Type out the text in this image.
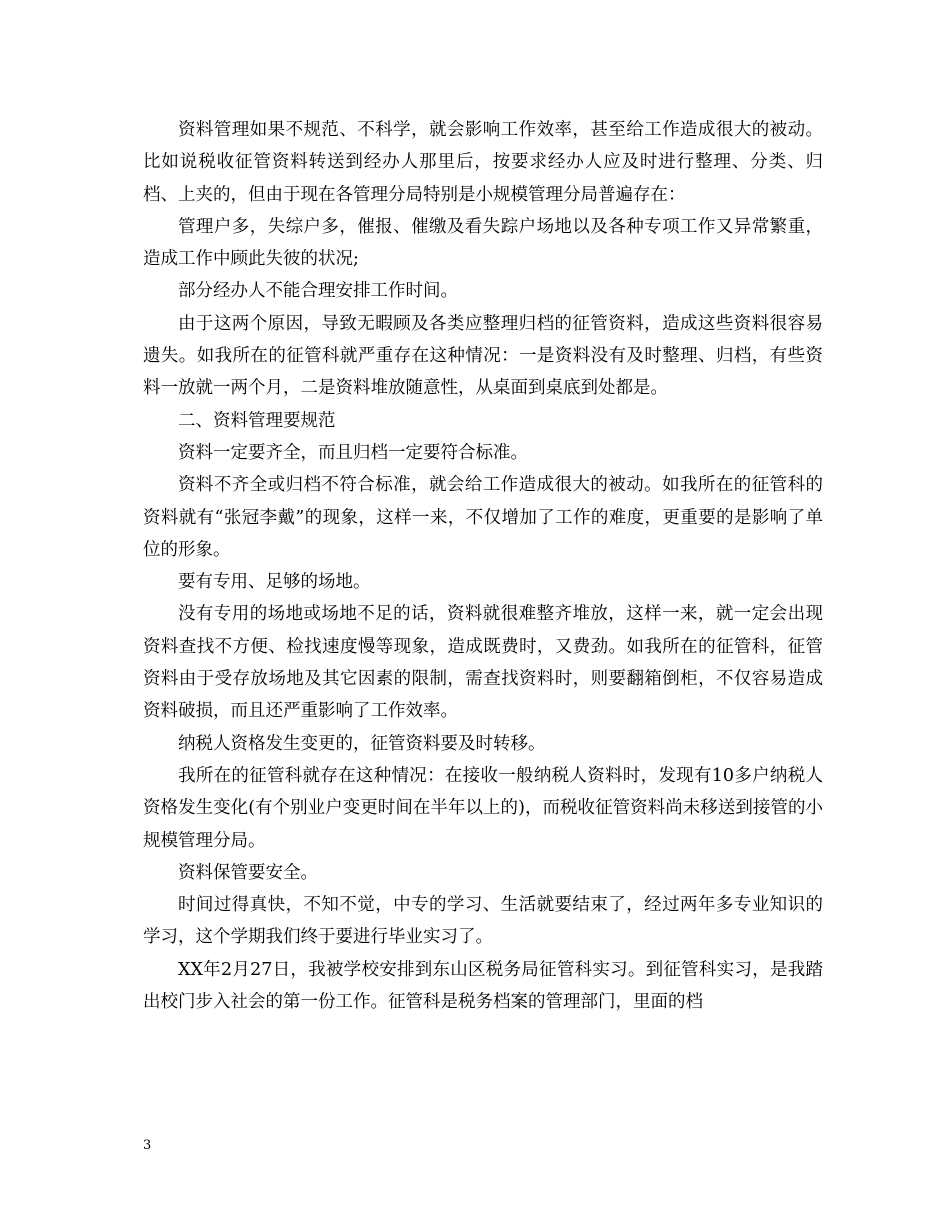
资料管理如果不规范、不科学，就会影响工作效率，甚至给工作造成很大的被动。比如说税收征管资料转送到经办人那里后，按要求经办人应及时进行整理、分类、归档、上夹的，但由于现在各管理分局特别是小规模管理分局普遍存在：

管理户多，失综户多，催报、催缴及看失踪户场地以及各种专项工作又异常繁重，造成工作中顾此失彼的状况;

部分经办人不能合理安排工作时间。

由于这两个原因，导致无暇顾及各类应整理归档的征管资料，造成这些资料很容易遗失。如我所在的征管科就严重存在这种情况：一是资料没有及时整理、归档，有些资料一放就一两个月，二是资料堆放随意性，从桌面到桌底到处都是。

二、资料管理要规范

资料一定要齐全，而且归档一定要符合标准。

资料不齐全或归档不符合标准，就会给工作造成很大的被动。如我所在的征管科的资料就有“张冠李戴”的现象，这样一来，不仅增加了工作的难度，更重要的是影响了单位的形象。

要有专用、足够的场地。

没有专用的场地或场地不足的话，资料就很难整齐堆放，这样一来，就一定会出现资料查找不方便、检找速度慢等现象，造成既费时，又费劲。如我所在的征管科，征管资料由于受存放场地及其它因素的限制，需查找资料时，则要翻箱倒柜，不仅容易造成资料破损，而且还严重影响了工作效率。

纳税人资格发生变更的，征管资料要及时转移。

我所在的征管科就存在这种情况：在接收一般纳税人资料时，发现有10多户纳税人资格发生变化(有个别业户变更时间在半年以上的)，而税收征管资料尚未移送到接管的小规模管理分局。

资料保管要安全。

时间过得真快，不知不觉，中专的学习、生活就要结束了，经过两年多专业知识的学习，这个学期我们终于要进行毕业实习了。

XX年2月27日，我被学校安排到东山区税务局征管科实习。到征管科实习，是我踏出校门步入社会的第一份工作。征管科是税务档案的管理部门，里面的档

3
